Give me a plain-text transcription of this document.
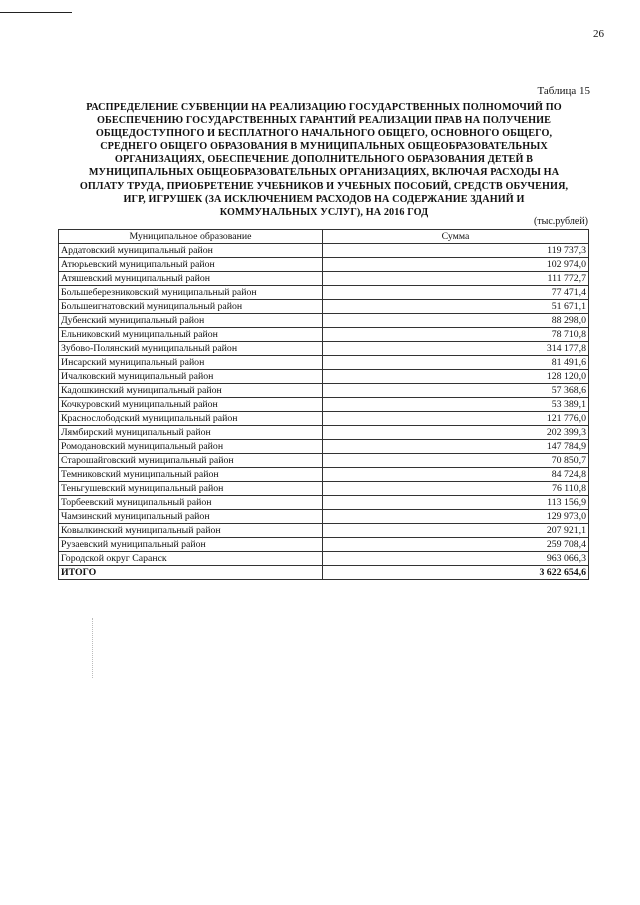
26
Таблица 15
РАСПРЕДЕЛЕНИЕ СУБВЕНЦИИ НА РЕАЛИЗАЦИЮ ГОСУДАРСТВЕННЫХ ПОЛНОМОЧИЙ ПО
ОБЕСПЕЧЕНИЮ ГОСУДАРСТВЕННЫХ ГАРАНТИЙ РЕАЛИЗАЦИИ ПРАВ НА ПОЛУЧЕНИЕ
ОБЩЕДОСТУПНОГО И БЕСПЛАТНОГО НАЧАЛЬНОГО ОБЩЕГО, ОСНОВНОГО ОБЩЕГО,
СРЕДНЕГО ОБЩЕГО ОБРАЗОВАНИЯ В МУНИЦИПАЛЬНЫХ ОБЩЕОБРАЗОВАТЕЛЬНЫХ
ОРГАНИЗАЦИЯХ, ОБЕСПЕЧЕНИЕ ДОПОЛНИТЕЛЬНОГО ОБРАЗОВАНИЯ ДЕТЕЙ В
МУНИЦИПАЛЬНЫХ ОБЩЕОБРАЗОВАТЕЛЬНЫХ ОРГАНИЗАЦИЯХ, ВКЛЮЧАЯ РАСХОДЫ НА
ОПЛАТУ ТРУДА, ПРИОБРЕТЕНИЕ УЧЕБНИКОВ И УЧЕБНЫХ ПОСОБИЙ, СРЕДСТВ ОБУЧЕНИЯ,
ИГР, ИГРУШЕК (ЗА ИСКЛЮЧЕНИЕМ РАСХОДОВ НА СОДЕРЖАНИЕ ЗДАНИЙ И
КОММУНАЛЬНЫХ УСЛУГ), НА 2016 ГОД
(тыс.рублей)
Муниципальное образование	Сумма
Ардатовский муниципальный район	119 737,3
Атюрьевский муниципальный район	102 974,0
Атяшевский муниципальный район	111 772,7
Большеберезниковский муниципальный район	77 471,4
Большеигнатовский муниципальный район	51 671,1
Дубенский муниципальный район	88 298,0
Ельниковский муниципальный район	78 710,8
Зубово-Полянский муниципальный район	314 177,8
Инсарский муниципальный район	81 491,6
Ичалковский муниципальный район	128 120,0
Кадошкинский муниципальный район	57 368,6
Кочкуровский муниципальный район	53 389,1
Краснослободский муниципальный район	121 776,0
Лямбирский муниципальный район	202 399,3
Ромодановский муниципальный район	147 784,9
Старошайговский муниципальный район	70 850,7
Темниковский муниципальный район	84 724,8
Теньгушевский муниципальный район	76 110,8
Торбеевский муниципальный район	113 156,9
Чамзинский муниципальный район	129 973,0
Ковылкинский муниципальный район	207 921,1
Рузаевский муниципальный район	259 708,4
Городской округ Саранск	963 066,3
ИТОГО	3 622 654,6
